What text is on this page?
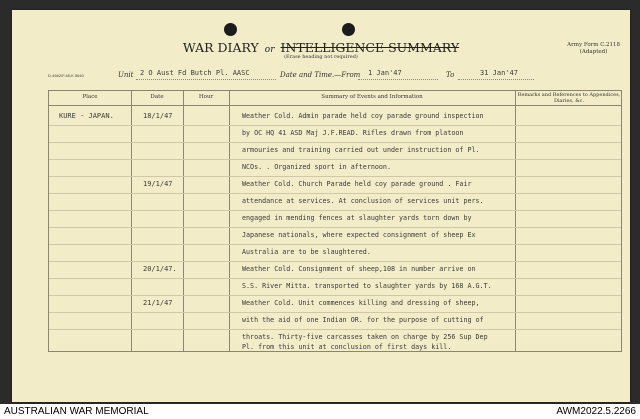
WAR DIARY or INTELLIGENCE SUMMARY
(Erase heading not required)
Army Form C.2118
(Adapted)
D-4662/F.48-K.5640	Unit 2 O Aust Fd Butch Pl. AASC	Date and Time.—From 1 Jan'47	To	31 Jan'47
Place	Date	Hour	Summary of Events and Information	Remarks and References to Appendices, Diaries, &c.
KURE - JAPAN.	18/1/47	Weather Cold. Admin parade held coy parade ground inspection
by OC HQ 41 ASD Maj J.F.READ. Rifles drawn from platoon
armouries and training carried out under instruction of Pl.
NCOs. . Organized sport in afternoon.
19/1/47	Weather Cold. Church Parade held coy parade ground . Fair
attendance at services. At conclusion of services unit pers.
engaged in mending fences at slaughter yards torn down by
Japanese nationals, where expected consignment of sheep Ex
Australia are to be slaughtered.
20/1/47.	Weather Cold. Consignment of sheep,108 in number arrive on
S.S. River Mitta. transported to slaughter yards by 168 A.G.T.
21/1/47	Weather Cold. Unit commences killing and dressing of sheep,
with the aid of one Indian OR. for the purpose of cutting of
throats. Thirty-five carcasses taken on charge by 256 Sup Dep
Pl. from this unit at conclusion of first days kill.
AUSTRALIAN WAR MEMORIAL	AWM2022.5.2266
